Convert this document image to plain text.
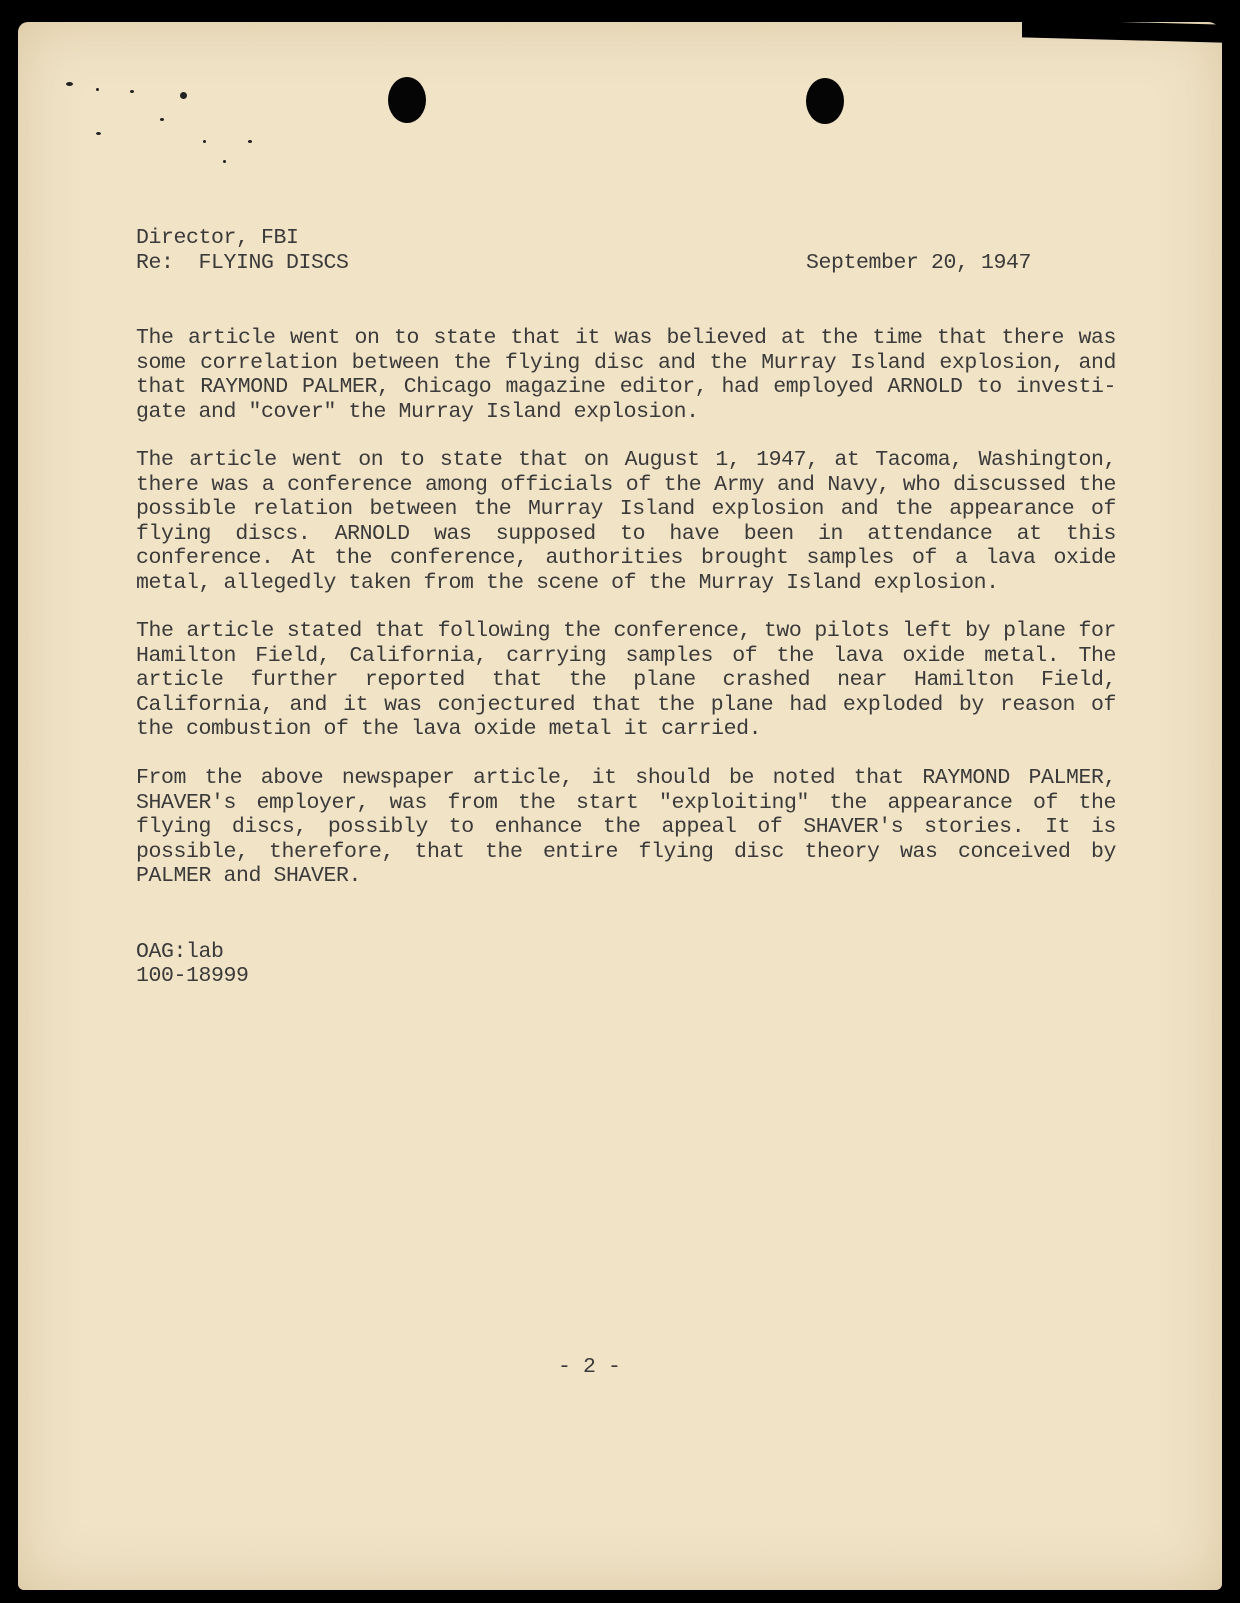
Director, FBI
Re:  FLYING DISCS	September 20, 1947
The article went on to state that it was believed at the time that there was some correlation between the flying disc and the Murray Island explosion, and that RAYMOND PALMER, Chicago magazine editor, had employed ARNOLD to investi-gate and "cover" the Murray Island explosion.
The article went on to state that on August 1, 1947, at Tacoma, Washington, there was a conference among officials of the Army and Navy, who discussed the possible relation between the Murray Island explosion and the appearance of flying discs. ARNOLD was supposed to have been in attendance at this conference. At the conference, authorities brought samples of a lava oxide metal, allegedly taken from the scene of the Murray Island explosion.
The article stated that following the conference, two pilots left by plane for Hamilton Field, California, carrying samples of the lava oxide metal. The article further reported that the plane crashed near Hamilton Field, California, and it was conjectured that the plane had exploded by reason of the combustion of the lava oxide metal it carried.
From the above newspaper article, it should be noted that RAYMOND PALMER, SHAVER's employer, was from the start "exploiting" the appearance of the flying discs, possibly to enhance the appeal of SHAVER's stories. It is possible, therefore, that the entire flying disc theory was conceived by PALMER and SHAVER.
OAG:lab
100-18999
- 2 -
